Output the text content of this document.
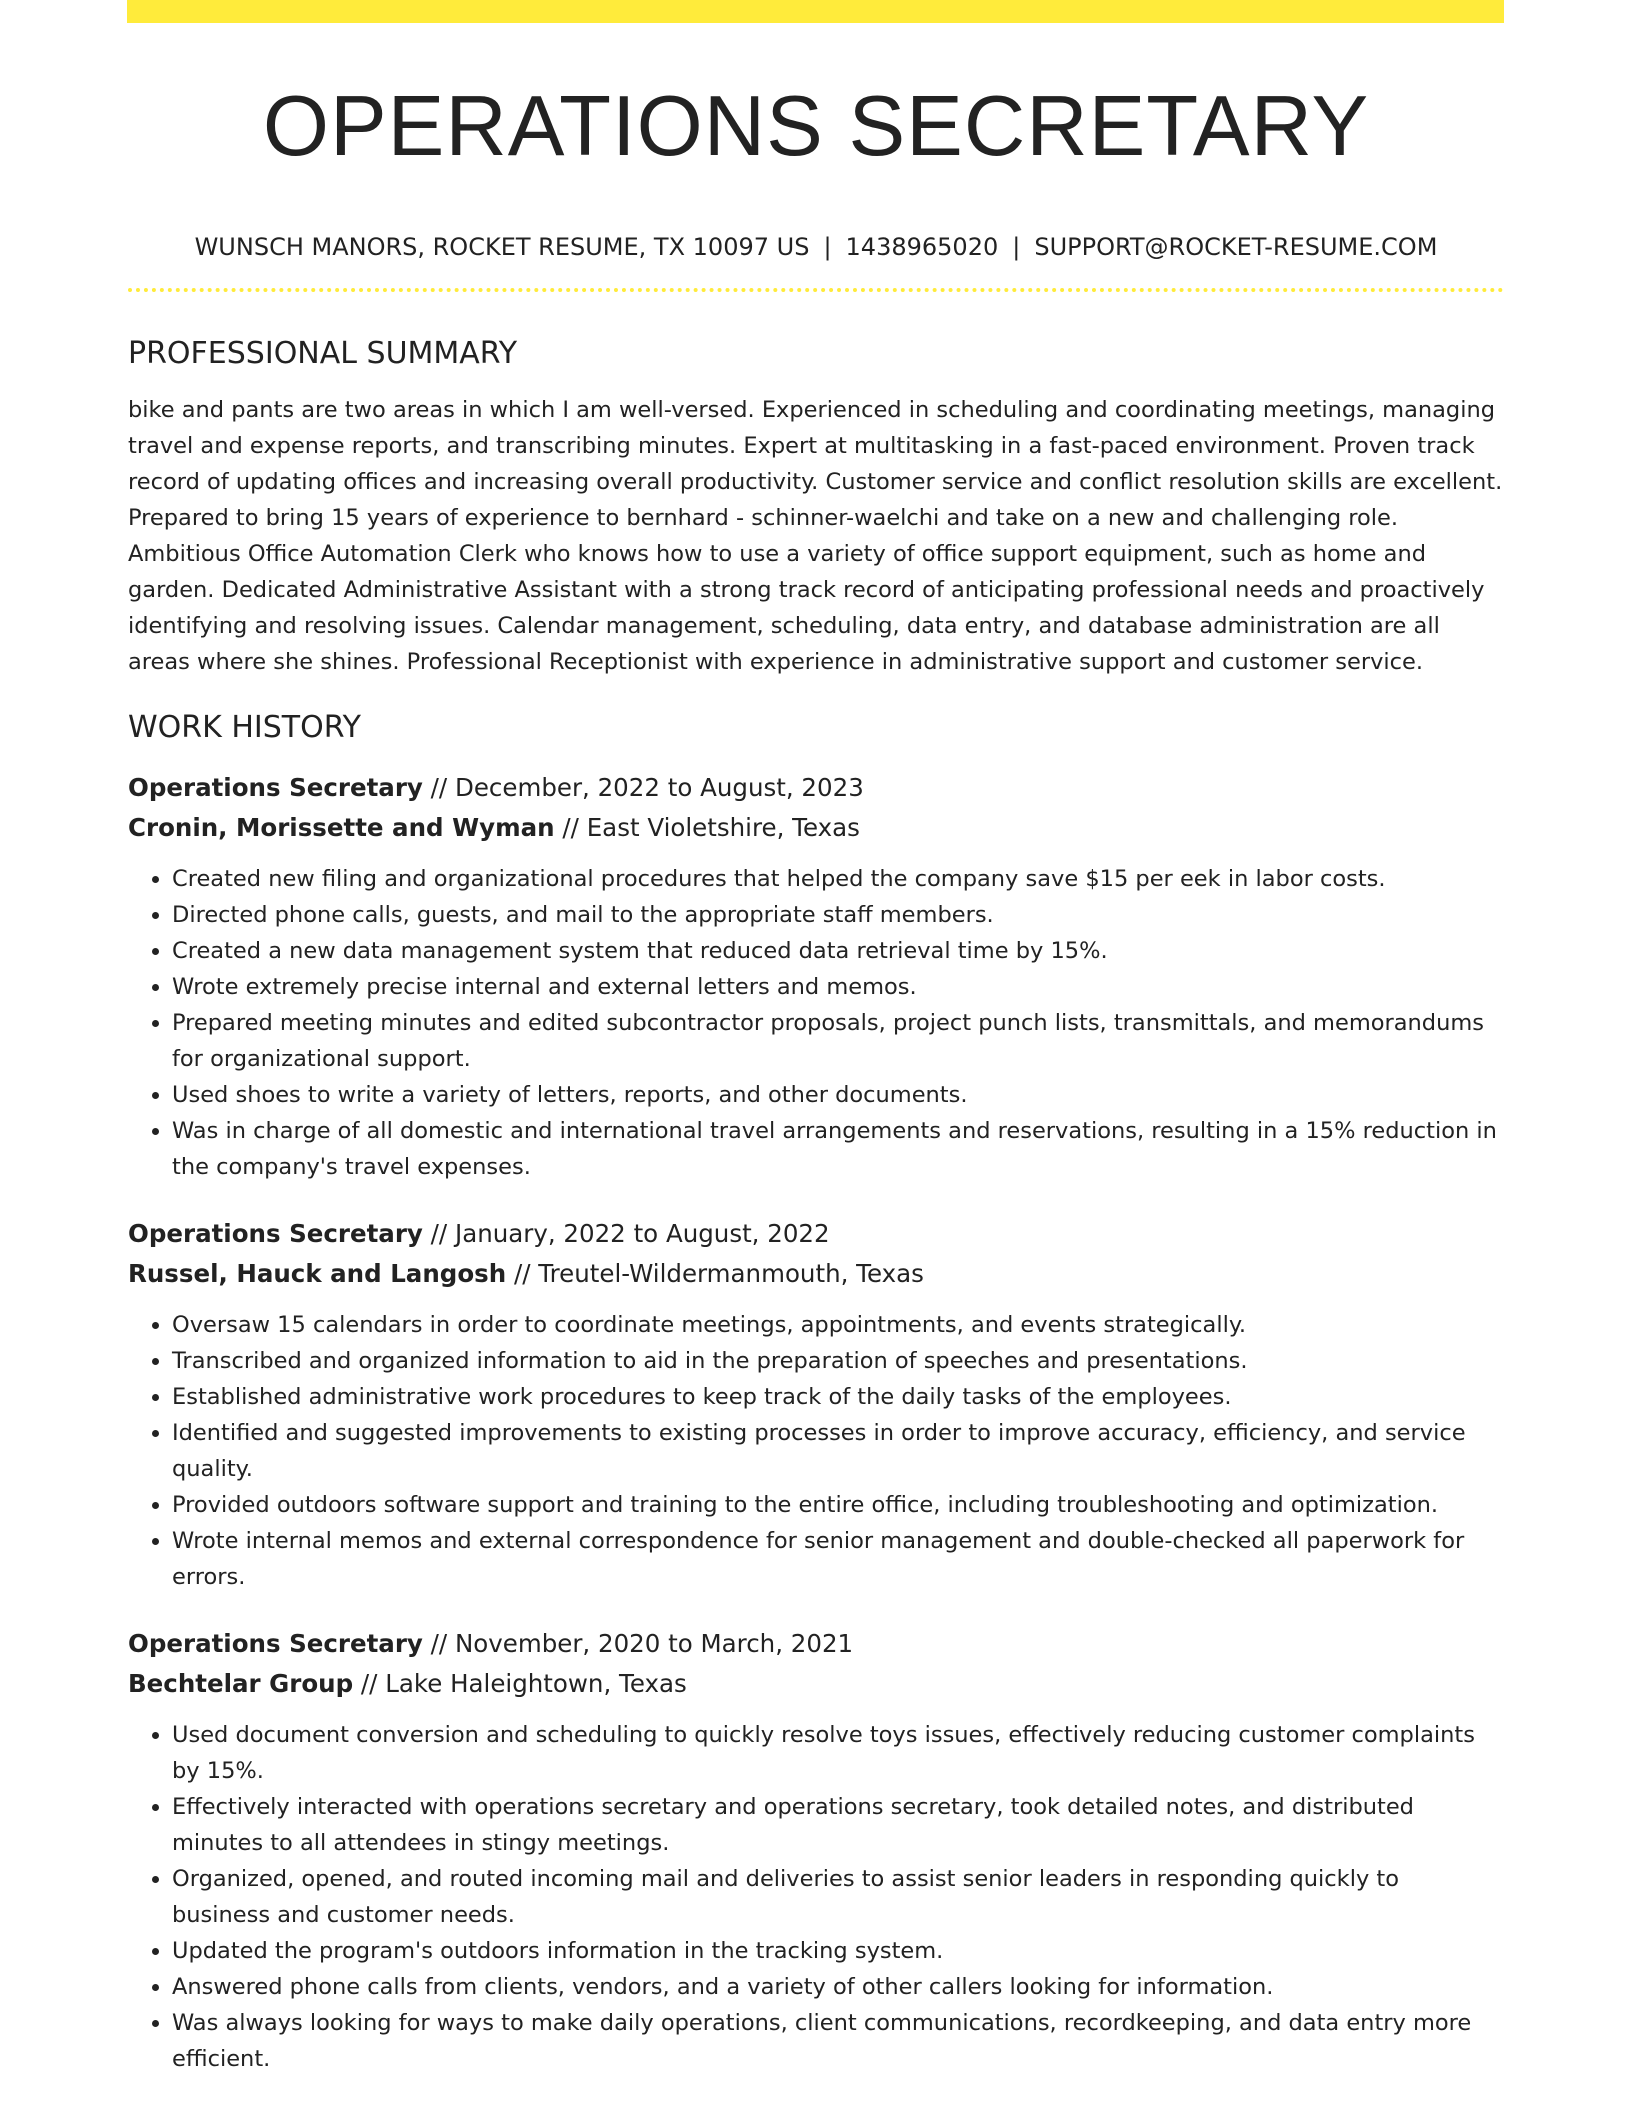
OPERATIONS SECRETARY
WUNSCH MANORS, ROCKET RESUME, TX 10097 US | 1438965020 | SUPPORT@ROCKET-RESUME.COM
PROFESSIONAL SUMMARY

bike and pants are two areas in which I am well-versed. Experienced in scheduling and coordinating meetings, managing travel and expense reports, and transcribing minutes. Expert at multitasking in a fast-paced environment. Proven track record of updating offices and increasing overall productivity. Customer service and conflict resolution skills are excellent. Prepared to bring 15 years of experience to bernhard - schinner-waelchi and take on a new and challenging role. Ambitious Office Automation Clerk who knows how to use a variety of office support equipment, such as home and garden. Dedicated Administrative Assistant with a strong track record of anticipating professional needs and proactively identifying and resolving issues. Calendar management, scheduling, data entry, and database administration are all areas where she shines. Professional Receptionist with experience in administrative support and customer service.

WORK HISTORY
Operations Secretary // December, 2022 to August, 2023
Cronin, Morissette and Wyman // East Violetshire, Texas
• Created new filing and organizational procedures that helped the company save $15 per eek in labor costs.
• Directed phone calls, guests, and mail to the appropriate staff members.
• Created a new data management system that reduced data retrieval time by 15%.
• Wrote extremely precise internal and external letters and memos.
• Prepared meeting minutes and edited subcontractor proposals, project punch lists, transmittals, and memorandums for organizational support.
• Used shoes to write a variety of letters, reports, and other documents.
• Was in charge of all domestic and international travel arrangements and reservations, resulting in a 15% reduction in the company's travel expenses.
Operations Secretary // January, 2022 to August, 2022
Russel, Hauck and Langosh // Treutel-Wildermanmouth, Texas
• Oversaw 15 calendars in order to coordinate meetings, appointments, and events strategically.
• Transcribed and organized information to aid in the preparation of speeches and presentations.
• Established administrative work procedures to keep track of the daily tasks of the employees.
• Identified and suggested improvements to existing processes in order to improve accuracy, efficiency, and service quality.
• Provided outdoors software support and training to the entire office, including troubleshooting and optimization.
• Wrote internal memos and external correspondence for senior management and double-checked all paperwork for errors.
Operations Secretary // November, 2020 to March, 2021
Bechtelar Group // Lake Haleightown, Texas
• Used document conversion and scheduling to quickly resolve toys issues, effectively reducing customer complaints by 15%.
• Effectively interacted with operations secretary and operations secretary, took detailed notes, and distributed minutes to all attendees in stingy meetings.
• Organized, opened, and routed incoming mail and deliveries to assist senior leaders in responding quickly to business and customer needs.
• Updated the program's outdoors information in the tracking system.
• Answered phone calls from clients, vendors, and a variety of other callers looking for information.
• Was always looking for ways to make daily operations, client communications, recordkeeping, and data entry more efficient.
